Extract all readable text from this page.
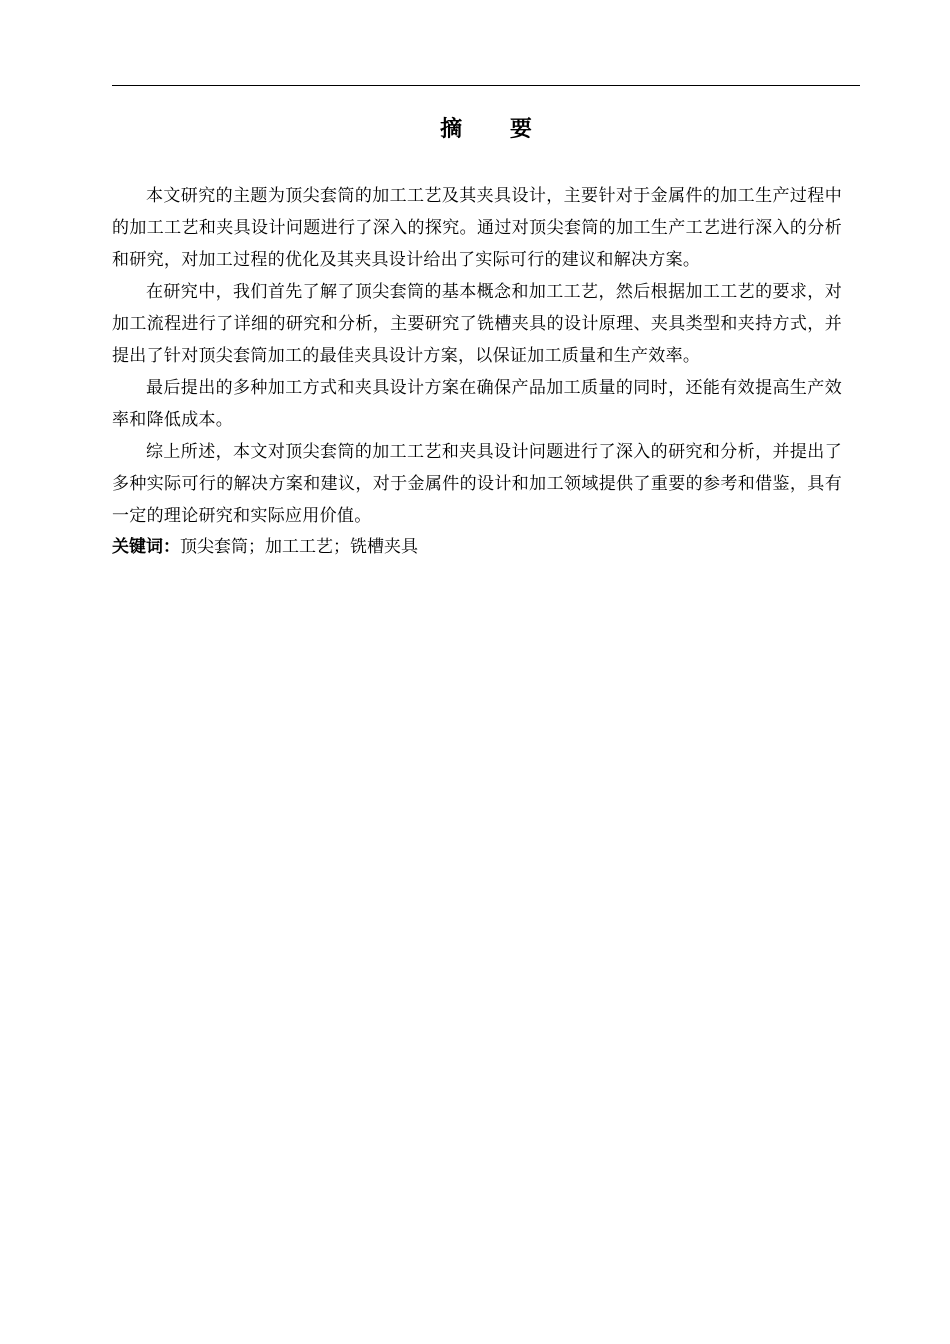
摘 要

本文研究的主题为顶尖套筒的加工工艺及其夹具设计，主要针对于金属件的加工生产过程中的加工工艺和夹具设计问题进行了深入的探究。通过对顶尖套筒的加工生产工艺进行深入的分析和研究，对加工过程的优化及其夹具设计给出了实际可行的建议和解决方案。

在研究中，我们首先了解了顶尖套筒的基本概念和加工工艺，然后根据加工工艺的要求，对加工流程进行了详细的研究和分析，主要研究了铣槽夹具的设计原理、夹具类型和夹持方式，并提出了针对顶尖套筒加工的最佳夹具设计方案，以保证加工质量和生产效率。

最后提出的多种加工方式和夹具设计方案在确保产品加工质量的同时，还能有效提高生产效率和降低成本。

综上所述，本文对顶尖套筒的加工工艺和夹具设计问题进行了深入的研究和分析，并提出了多种实际可行的解决方案和建议，对于金属件的设计和加工领域提供了重要的参考和借鉴，具有一定的理论研究和实际应用价值。

关键词：顶尖套筒；加工工艺；铣槽夹具
